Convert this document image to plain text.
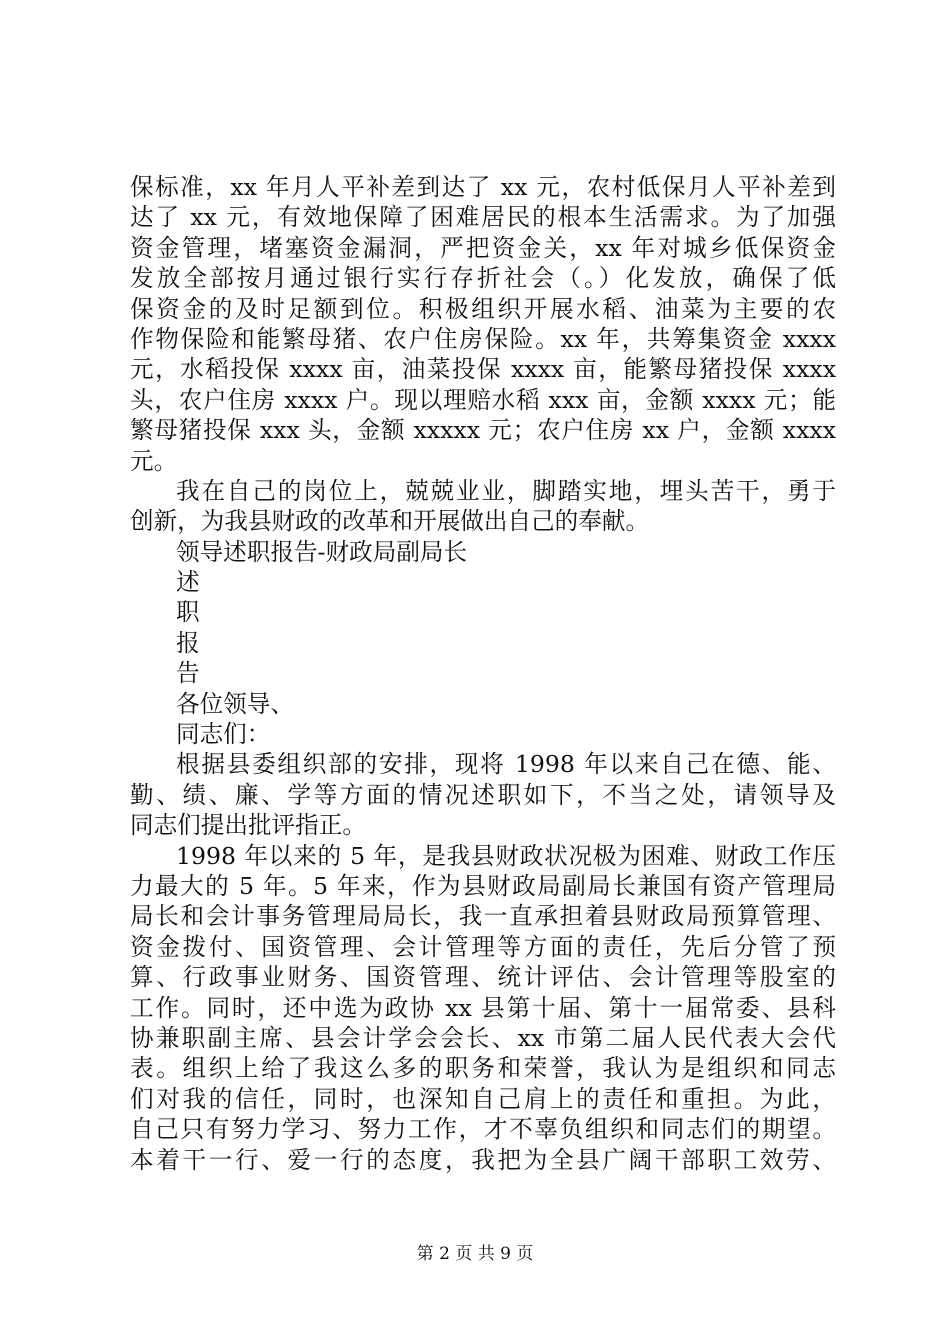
保标准，xx 年月人平补差到达了 xx 元，农村低保月人平补差到
达了 xx 元，有效地保障了困难居民的根本生活需求。为了加强
资金管理，堵塞资金漏洞，严把资金关，xx 年对城乡低保资金
发放全部按月通过银行实行存折社会（。）化发放，确保了低
保资金的及时足额到位。积极组织开展水稻、油菜为主要的农
作物保险和能繁母猪、农户住房保险。xx 年，共筹集资金 xxxx
元，水稻投保 xxxx 亩，油菜投保 xxxx 亩，能繁母猪投保 xxxx
头，农户住房 xxxx 户。现以理赔水稻 xxx 亩，金额 xxxx 元；能
繁母猪投保 xxx 头，金额 xxxxx 元；农户住房 xx 户，金额 xxxx
元。
我在自己的岗位上，兢兢业业，脚踏实地，埋头苦干，勇于
创新，为我县财政的改革和开展做出自己的奉献。
领导述职报告-财政局副局长
述
职
报
告
各位领导、
同志们：
根据县委组织部的安排，现将 1998 年以来自己在德、能、
勤、绩、廉、学等方面的情况述职如下，不当之处，请领导及
同志们提出批评指正。
1998 年以来的 5 年，是我县财政状况极为困难、财政工作压
力最大的 5 年。5 年来，作为县财政局副局长兼国有资产管理局
局长和会计事务管理局局长，我一直承担着县财政局预算管理、
资金拨付、国资管理、会计管理等方面的责任，先后分管了预
算、行政事业财务、国资管理、统计评估、会计管理等股室的
工作。同时，还中选为政协 xx 县第十届、第十一届常委、县科
协兼职副主席、县会计学会会长、xx 市第二届人民代表大会代
表。组织上给了我这么多的职务和荣誉，我认为是组织和同志
们对我的信任，同时，也深知自己肩上的责任和重担。为此，
自己只有努力学习、努力工作，才不辜负组织和同志们的期望。
本着干一行、爱一行的态度，我把为全县广阔干部职工效劳、
第 2 页 共 9 页
